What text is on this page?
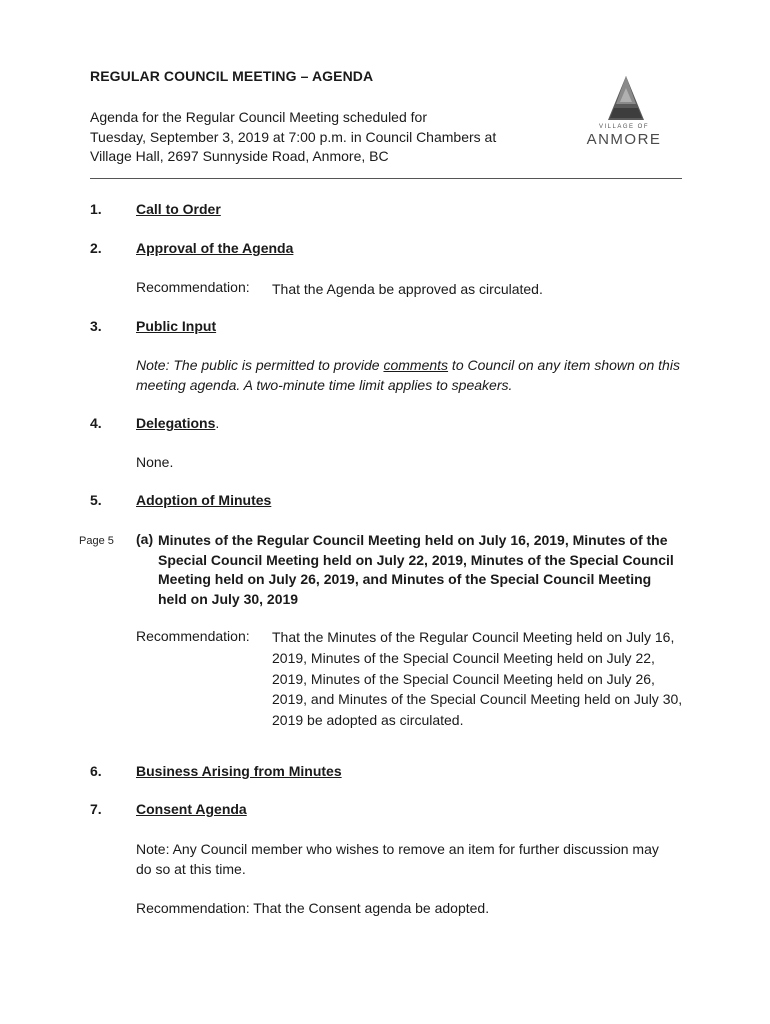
REGULAR COUNCIL MEETING – AGENDA
Agenda for the Regular Council Meeting scheduled for
Tuesday, September 3, 2019 at 7:00 p.m. in Council Chambers at
Village Hall, 2697 Sunnyside Road, Anmore, BC
VILLAGE OF
ANMORE
1. Call to Order
2. Approval of the Agenda
Recommendation: That the Agenda be approved as circulated.
3. Public Input
Note: The public is permitted to provide comments to Council on any item shown on this meeting agenda. A two-minute time limit applies to speakers.
4. Delegations.
None.
5. Adoption of Minutes
Page 5 (a) Minutes of the Regular Council Meeting held on July 16, 2019, Minutes of the Special Council Meeting held on July 22, 2019, Minutes of the Special Council Meeting held on July 26, 2019, and Minutes of the Special Council Meeting held on July 30, 2019
Recommendation: That the Minutes of the Regular Council Meeting held on July 16, 2019, Minutes of the Special Council Meeting held on July 22, 2019, Minutes of the Special Council Meeting held on July 26, 2019, and Minutes of the Special Council Meeting held on July 30, 2019 be adopted as circulated.
6. Business Arising from Minutes
7. Consent Agenda
Note: Any Council member who wishes to remove an item for further discussion may do so at this time.
Recommendation: That the Consent agenda be adopted.
